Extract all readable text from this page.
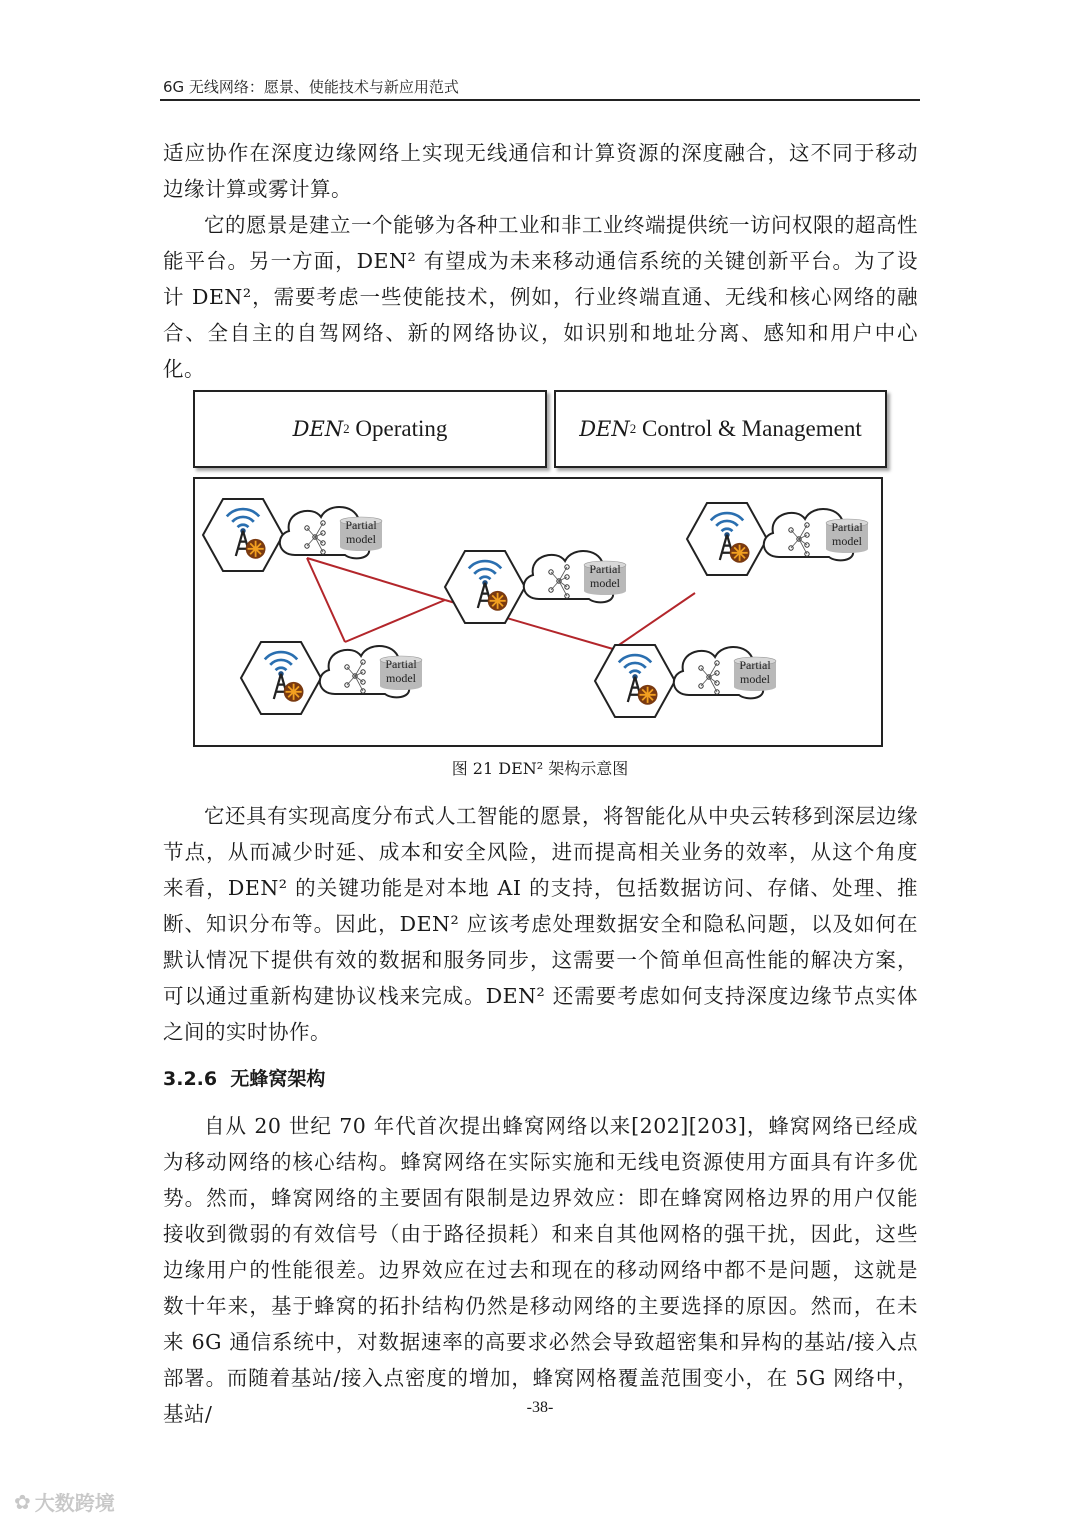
6G 无线网络：愿景、使能技术与新应用范式

适应协作在深度边缘网络上实现无线通信和计算资源的深度融合，这不同于移动边缘计算或雾计算。

它的愿景是建立一个能够为各种工业和非工业终端提供统一访问权限的超高性能平台。另一方面，DEN² 有望成为未来移动通信系统的关键创新平台。为了设计 DEN²，需要考虑一些使能技术，例如，行业终端直通、无线和核心网络的融合、全自主的自驾网络、新的网络协议，如识别和地址分离、感知和用户中心化。

DEN 2 Operating	DEN 2 Control & Management
Partial
model
Partial
model
Partial
model
Partial
model
Partial
model
图 21 DEN² 架构示意图

它还具有实现高度分布式人工智能的愿景，将智能化从中央云转移到深层边缘节点，从而减少时延、成本和安全风险，进而提高相关业务的效率，从这个角度来看，DEN² 的关键功能是对本地 AI 的支持，包括数据访问、存储、处理、推断、知识分布等。因此，DEN² 应该考虑处理数据安全和隐私问题，以及如何在默认情况下提供有效的数据和服务同步，这需要一个简单但高性能的解决方案，可以通过重新构建协议栈来完成。DEN² 还需要考虑如何支持深度边缘节点实体之间的实时协作。

3.2.6  无蜂窝架构

自从 20 世纪 70 年代首次提出蜂窝网络以来[202][203]，蜂窝网络已经成为移动网络的核心结构。蜂窝网络在实际实施和无线电资源使用方面具有许多优势。然而，蜂窝网络的主要固有限制是边界效应：即在蜂窝网格边界的用户仅能接收到微弱的有效信号（由于路径损耗）和来自其他网格的强干扰，因此，这些边缘用户的性能很差。边界效应在过去和现在的移动网络中都不是问题，这就是数十年来，基于蜂窝的拓扑结构仍然是移动网络的主要选择的原因。然而，在未来 6G 通信系统中，对数据速率的高要求必然会导致超密集和异构的基站/接入点部署。而随着基站/接入点密度的增加，蜂窝网格覆盖范围变小，在 5G 网络中，基站/	-38-
✿ 大数跨境
